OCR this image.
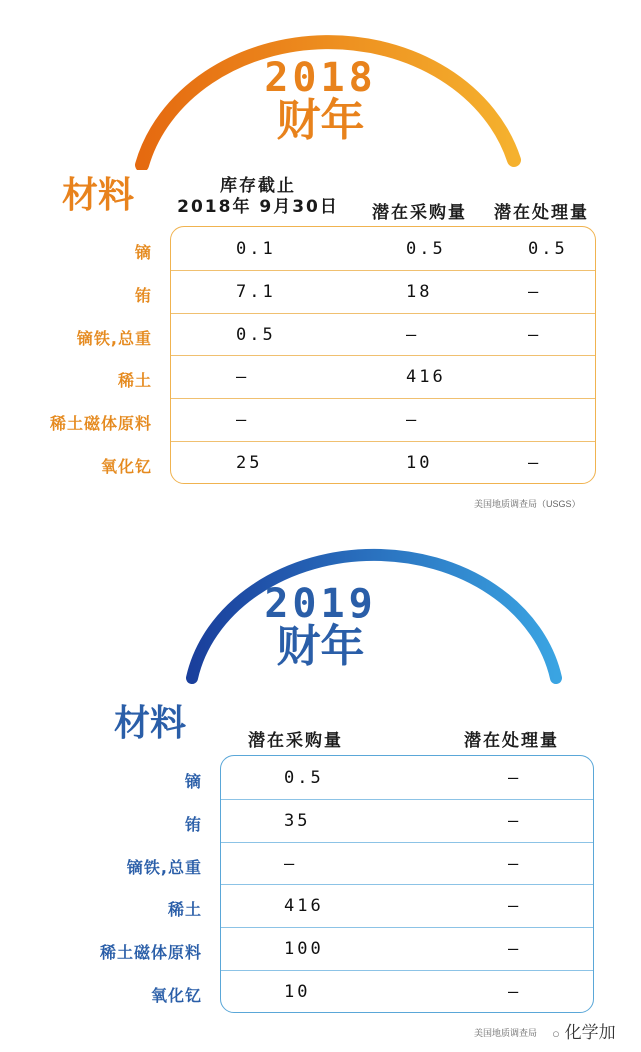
2018
财年
材料	库存截止
2018年 9月30日	潜在采购量 潜在处理量
镝	0.1	0.5	0.5
铕	7.1	18	—
镝铁,总重	0.5	—	—
稀土	—	416
稀土磁体原料	—	—
氧化钇	25	10	—
美国地质调查局（USGS）
2019
财年
材料	潜在采购量	潜在处理量
镝	0.5	—
铕	35	—
镝铁,总重	—	—
稀土	416	—
稀土磁体原料	100	—
氧化钇	10	—
美国地质调查局 ○ 化学加
